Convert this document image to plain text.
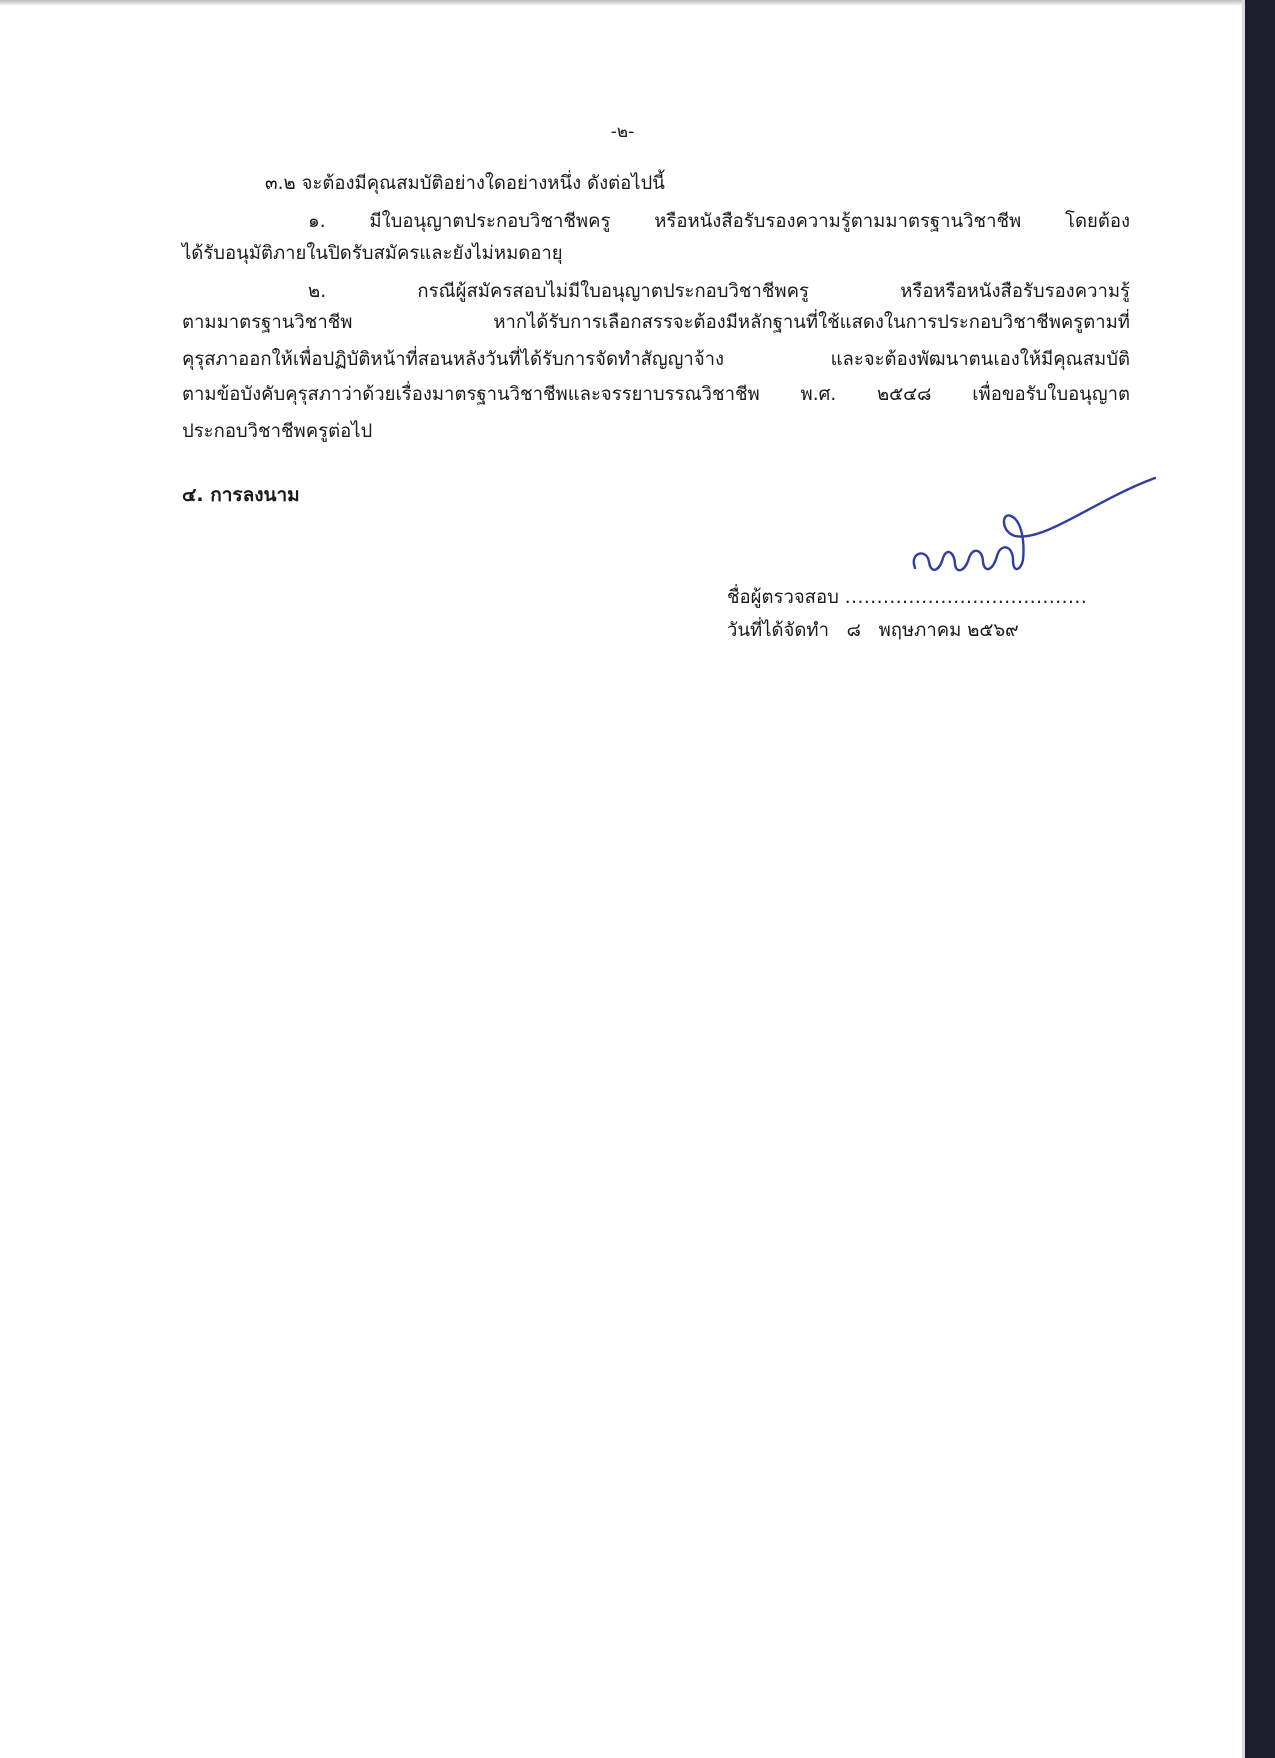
-๒-
๓.๒ จะต้องมีคุณสมบัติอย่างใดอย่างหนึ่ง ดังต่อไปนี้
๑. มีใบอนุญาตประกอบวิชาชีพครู หรือหนังสือรับรองความรู้ตามมาตรฐานวิชาชีพ โดยต้อง
ได้รับอนุมัติภายในปิดรับสมัครและยังไม่หมดอายุ
๒. กรณีผู้สมัครสอบไม่มีใบอนุญาตประกอบวิชาชีพครู หรือหรือหนังสือรับรองความรู้
ตามมาตรฐานวิชาชีพ หากได้รับการเลือกสรรจะต้องมีหลักฐานที่ใช้แสดงในการประกอบวิชาชีพครูตามที่
คุรุสภาออกให้เพื่อปฏิบัติหน้าที่สอนหลังวันที่ได้รับการจัดทำสัญญาจ้าง และจะต้องพัฒนาตนเองให้มีคุณสมบัติ
ตามข้อบังคับคุรุสภาว่าด้วยเรื่องมาตรฐานวิชาชีพและจรรยาบรรณวิชาชีพ พ.ศ. ๒๕๔๘ เพื่อขอรับใบอนุญาต
ประกอบวิชาชีพครูต่อไป
๔. การลงนาม
ชื่อผู้ตรวจสอบ ......................................
วันที่ได้จัดทำ ๘ พฤษภาคม ๒๕๖๙
